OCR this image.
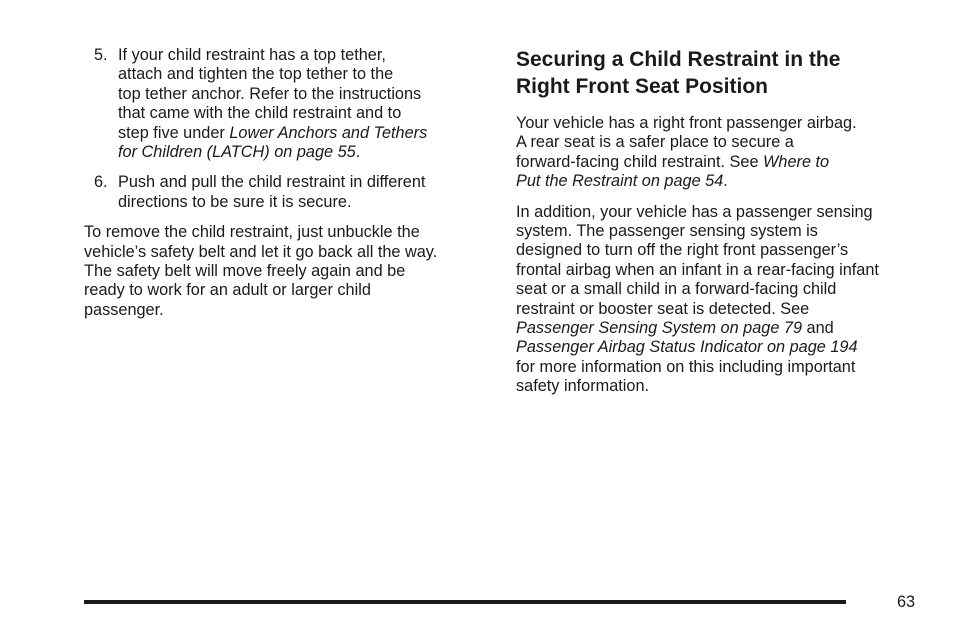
5. If your child restraint has a top tether,
attach and tighten the top tether to the
top tether anchor. Refer to the instructions
that came with the child restraint and to
step five under Lower Anchors and Tethers
for Children (LATCH) on page 55.
6. Push and pull the child restraint in different
directions to be sure it is secure.
To remove the child restraint, just unbuckle the
vehicle’s safety belt and let it go back all the way.
The safety belt will move freely again and be
ready to work for an adult or larger child
passenger.
Securing a Child Restraint in the
Right Front Seat Position
Your vehicle has a right front passenger airbag.
A rear seat is a safer place to secure a
forward-facing child restraint. See Where to
Put the Restraint on page 54.
In addition, your vehicle has a passenger sensing
system. The passenger sensing system is
designed to turn off the right front passenger’s
frontal airbag when an infant in a rear-facing infant
seat or a small child in a forward-facing child
restraint or booster seat is detected. See
Passenger Sensing System on page 79 and
Passenger Airbag Status Indicator on page 194
for more information on this including important
safety information.
63
